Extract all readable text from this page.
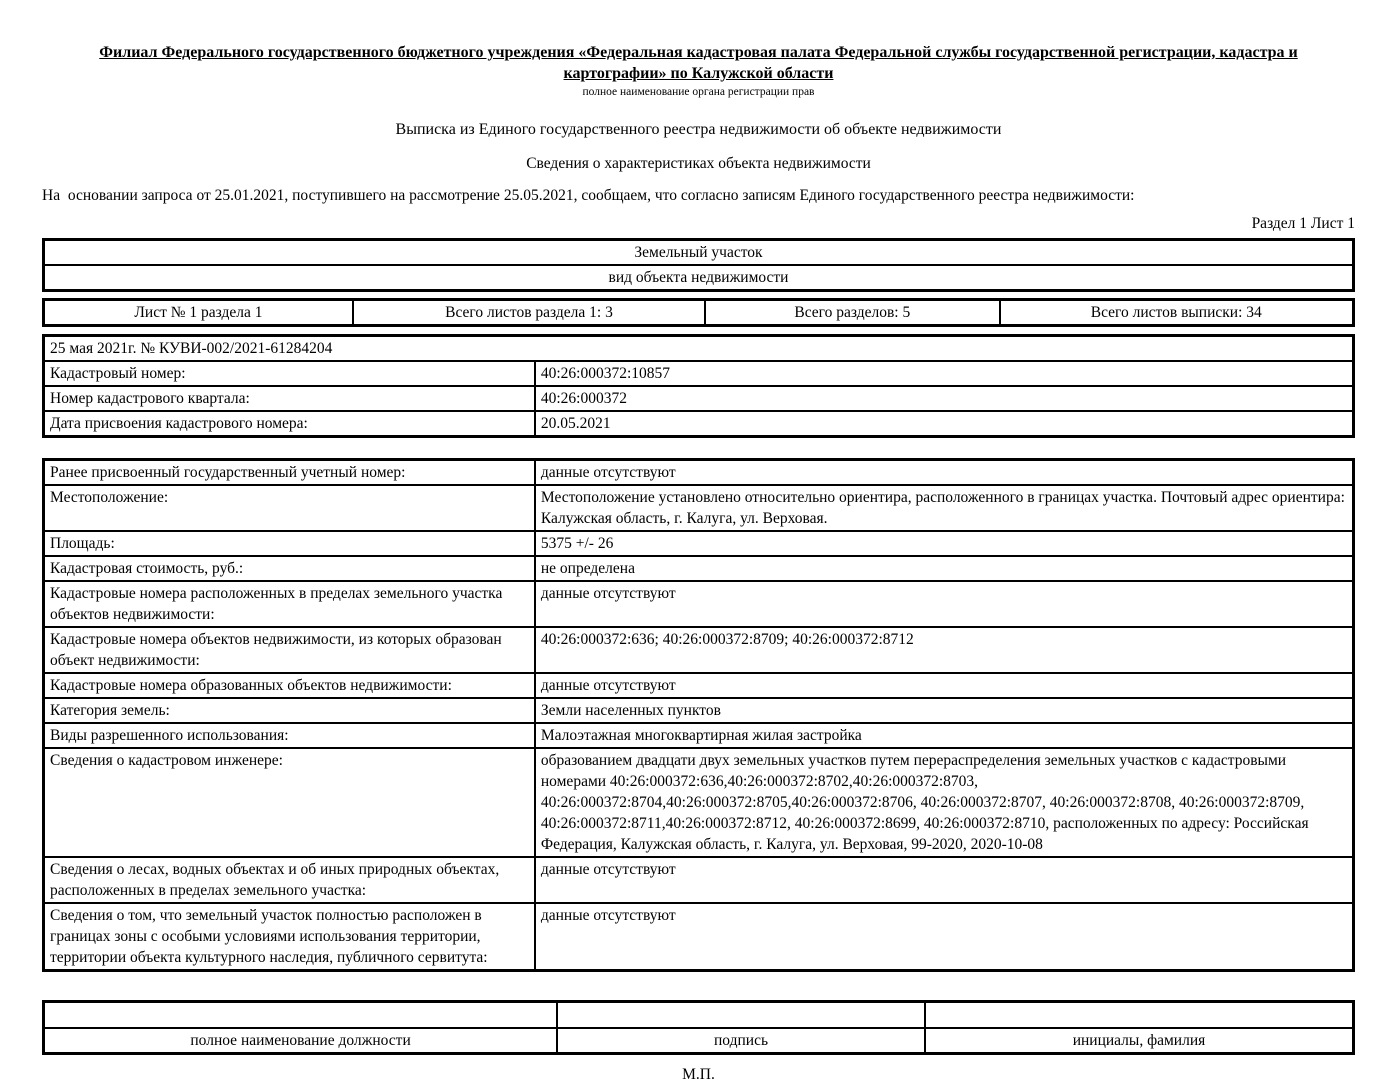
Филиал Федерального государственного бюджетного учреждения «Федеральная кадастровая палата Федеральной службы государственной регистрации, кадастра и картографии» по Калужской области
полное наименование органа регистрации прав
Выписка из Единого государственного реестра недвижимости об объекте недвижимости
Сведения о характеристиках объекта недвижимости
На  основании запроса от 25.01.2021, поступившего на рассмотрение 25.05.2021, сообщаем, что согласно записям Единого государственного реестра недвижимости:
Раздел 1 Лист 1
Земельный участок
вид объекта недвижимости
Лист № 1 раздела 1	Всего листов раздела 1: 3	Всего разделов: 5	Всего листов выписки: 34
25 мая 2021г. № КУВИ-002/2021-61284204	
Кадастровый номер:	40:26:000372:10857
Номер кадастрового квартала:	40:26:000372
Дата присвоения кадастрового номера:	20.05.2021
Ранее присвоенный государственный учетный номер:	данные отсутствуют
Местоположение:	Местоположение установлено относительно ориентира, расположенного в границах участка. Почтовый адрес ориентира: Калужская область, г. Калуга, ул. Верховая.
Площадь:	5375 +/- 26
Кадастровая стоимость, руб.:	не определена
Кадастровые номера расположенных в пределах земельного участка объектов недвижимости:	данные отсутствуют
Кадастровые номера объектов недвижимости, из которых образован объект недвижимости:	40:26:000372:636; 40:26:000372:8709; 40:26:000372:8712
Кадастровые номера образованных объектов недвижимости:	данные отсутствуют
Категория земель:	Земли населенных пунктов
Виды разрешенного использования:	Малоэтажная многоквартирная жилая застройка
Сведения о кадастровом инженере:	образованием двадцати двух земельных участков путем перераспределения земельных участков с кадастровыми номерами 40:26:000372:636,40:26:000372:8702,40:26:000372:8703, 40:26:000372:8704,40:26:000372:8705,40:26:000372:8706, 40:26:000372:8707, 40:26:000372:8708, 40:26:000372:8709, 40:26:000372:8711,40:26:000372:8712, 40:26:000372:8699, 40:26:000372:8710, расположенных по адресу: Российская Федерация, Калужская область, г. Калуга, ул. Верховая, 99-2020, 2020-10-08
Сведения о лесах, водных объектах и об иных природных объектах, расположенных в пределах земельного участка:	данные отсутствуют
Сведения о том, что земельный участок полностью расположен в границах зоны с особыми условиями использования территории, территории объекта культурного наследия, публичного сервитута:	данные отсутствуют

полное наименование должности	подпись	инициалы, фамилия
М.П.
